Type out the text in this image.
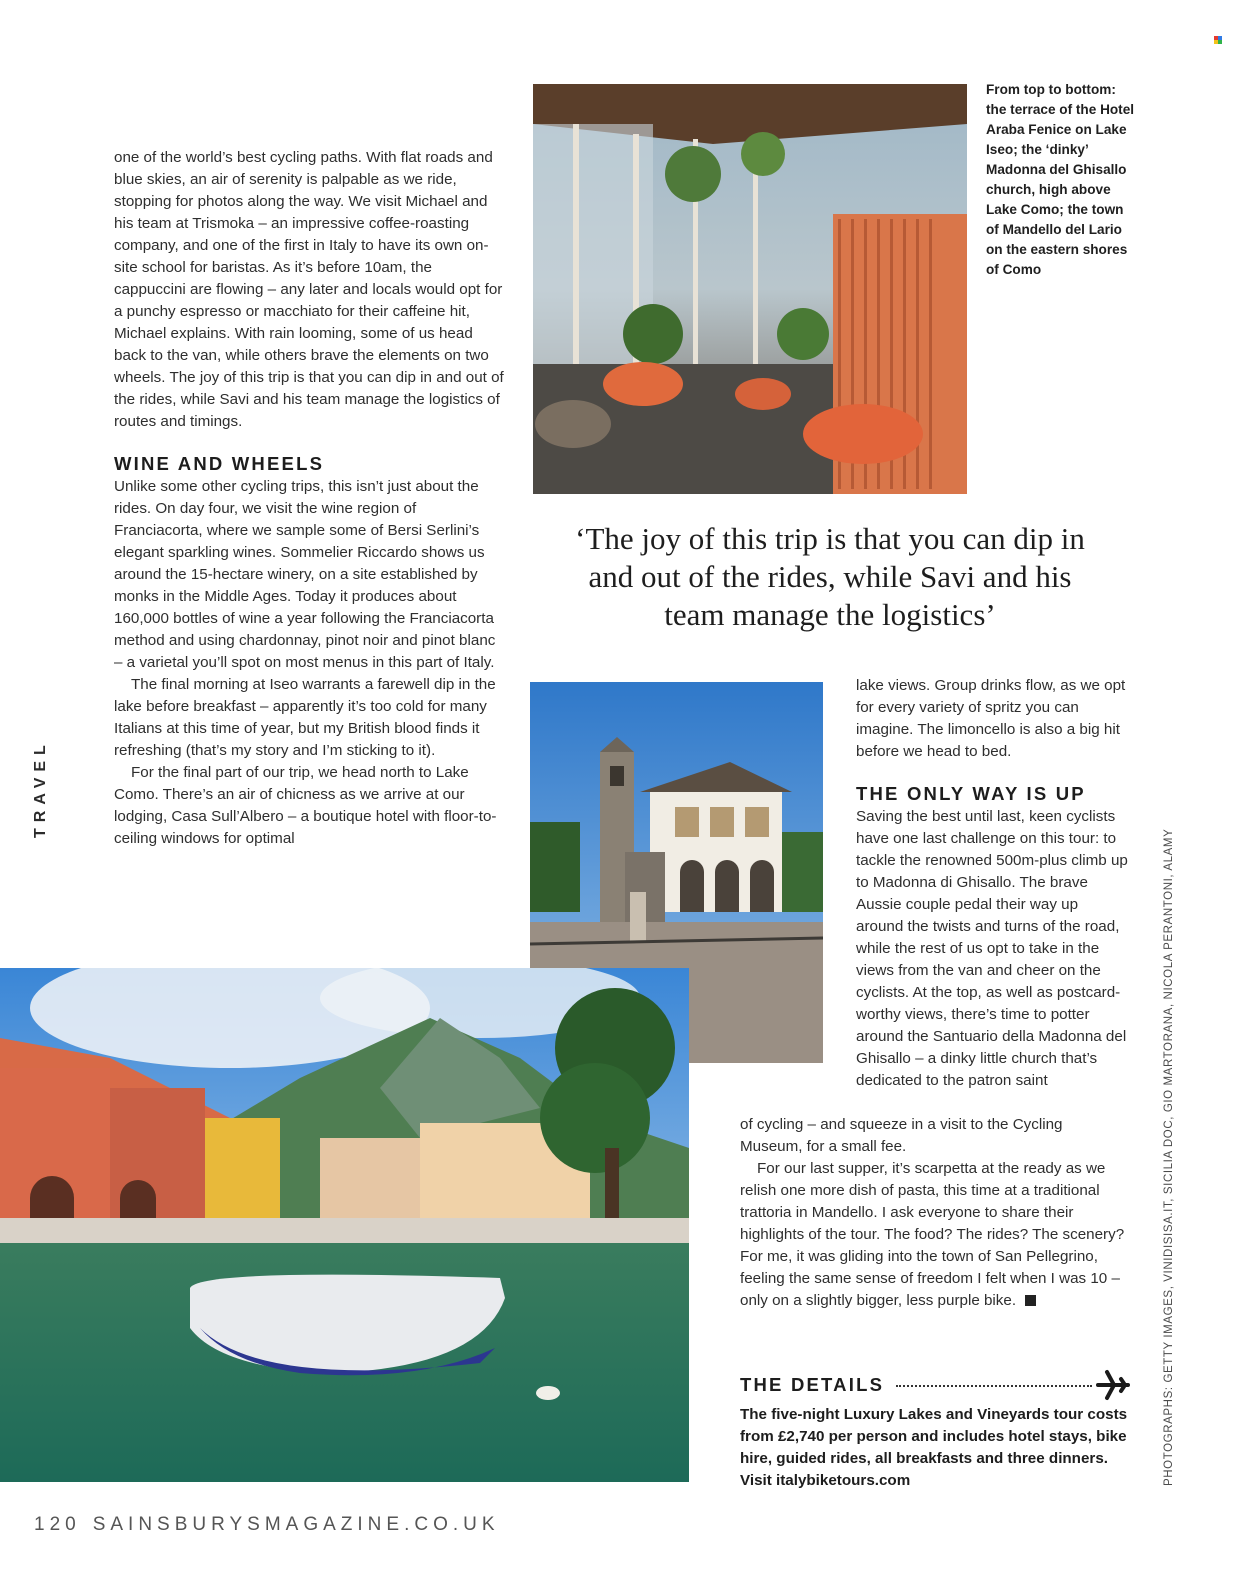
one of the world’s best cycling paths. With flat roads and blue skies, an air of serenity is palpable as we ride, stopping for photos along the way. We visit Michael and his team at Trismoka – an impressive coffee-roasting company, and one of the first in Italy to have its own on-site school for baristas. As it’s before 10am, the cappuccini are flowing – any later and locals would opt for a punchy espresso or macchiato for their caffeine hit, Michael explains. With rain looming, some of us head back to the van, while others brave the elements on two wheels. The joy of this trip is that you can dip in and out of the rides, while Savi and his team manage the logistics of routes and timings.

WINE AND WHEELS

Unlike some other cycling trips, this isn’t just about the rides. On day four, we visit the wine region of Franciacorta, where we sample some of Bersi Serlini’s elegant sparkling wines. Sommelier Riccardo shows us around the 15-hectare winery, on a site established by monks in the Middle Ages. Today it produces about 160,000 bottles of wine a year following the Franciacorta method and using chardonnay, pinot noir and pinot blanc – a varietal you’ll spot on most menus in this part of Italy.

The final morning at Iseo warrants a farewell dip in the lake before breakfast – apparently it’s too cold for many Italians at this time of year, but my British blood finds it refreshing (that’s my story and I’m sticking to it).

For the final part of our trip, we head north to Lake Como. There’s an air of chicness as we arrive at our lodging, Casa Sull’Albero – a boutique hotel with floor-to-ceiling windows for optimal

From top to bottom: the terrace of the Hotel Araba Fenice on Lake Iseo; the ‘dinky’ Madonna del Ghisallo church, high above Lake Como; the town of Mandello del Lario on the eastern shores of Como
‘The joy of this trip is that you can dip in and out of the rides, while Savi and his team manage the logistics’

lake views. Group drinks flow, as we opt for every variety of spritz you can imagine. The limoncello is also a big hit before we head to bed.

THE ONLY WAY IS UP

Saving the best until last, keen cyclists have one last challenge on this tour: to tackle the renowned 500m-plus climb up to Madonna di Ghisallo. The brave Aussie couple pedal their way up around the twists and turns of the road, while the rest of us opt to take in the views from the van and cheer on the cyclists. At the top, as well as postcard-worthy views, there’s time to potter around the Santuario della Madonna del Ghisallo – a dinky little church that’s dedicated to the patron saint

of cycling – and squeeze in a visit to the Cycling Museum, for a small fee.

For our last supper, it’s scarpetta at the ready as we relish one more dish of pasta, this time at a traditional trattoria in Mandello. I ask everyone to share their highlights of the tour. The food? The rides? The scenery? For me, it was gliding into the town of San Pellegrino, feeling the same sense of freedom I felt when I was 10 – only on a slightly bigger, less purple bike.

THE DETAILS
The five-night Luxury Lakes and Vineyards tour costs from £2,740 per person and includes hotel stays, bike hire, guided rides, all breakfasts and three dinners. Visit italybiketours.com
TRAVEL
PHOTOGRAPHS: GETTY IMAGES, VINIDISISA.IT, SICILIA DOC, GIO MARTORANA, NICOLA PERANTONI, ALAMY
120 SAINSBURYSMAGAZINE.CO.UK
